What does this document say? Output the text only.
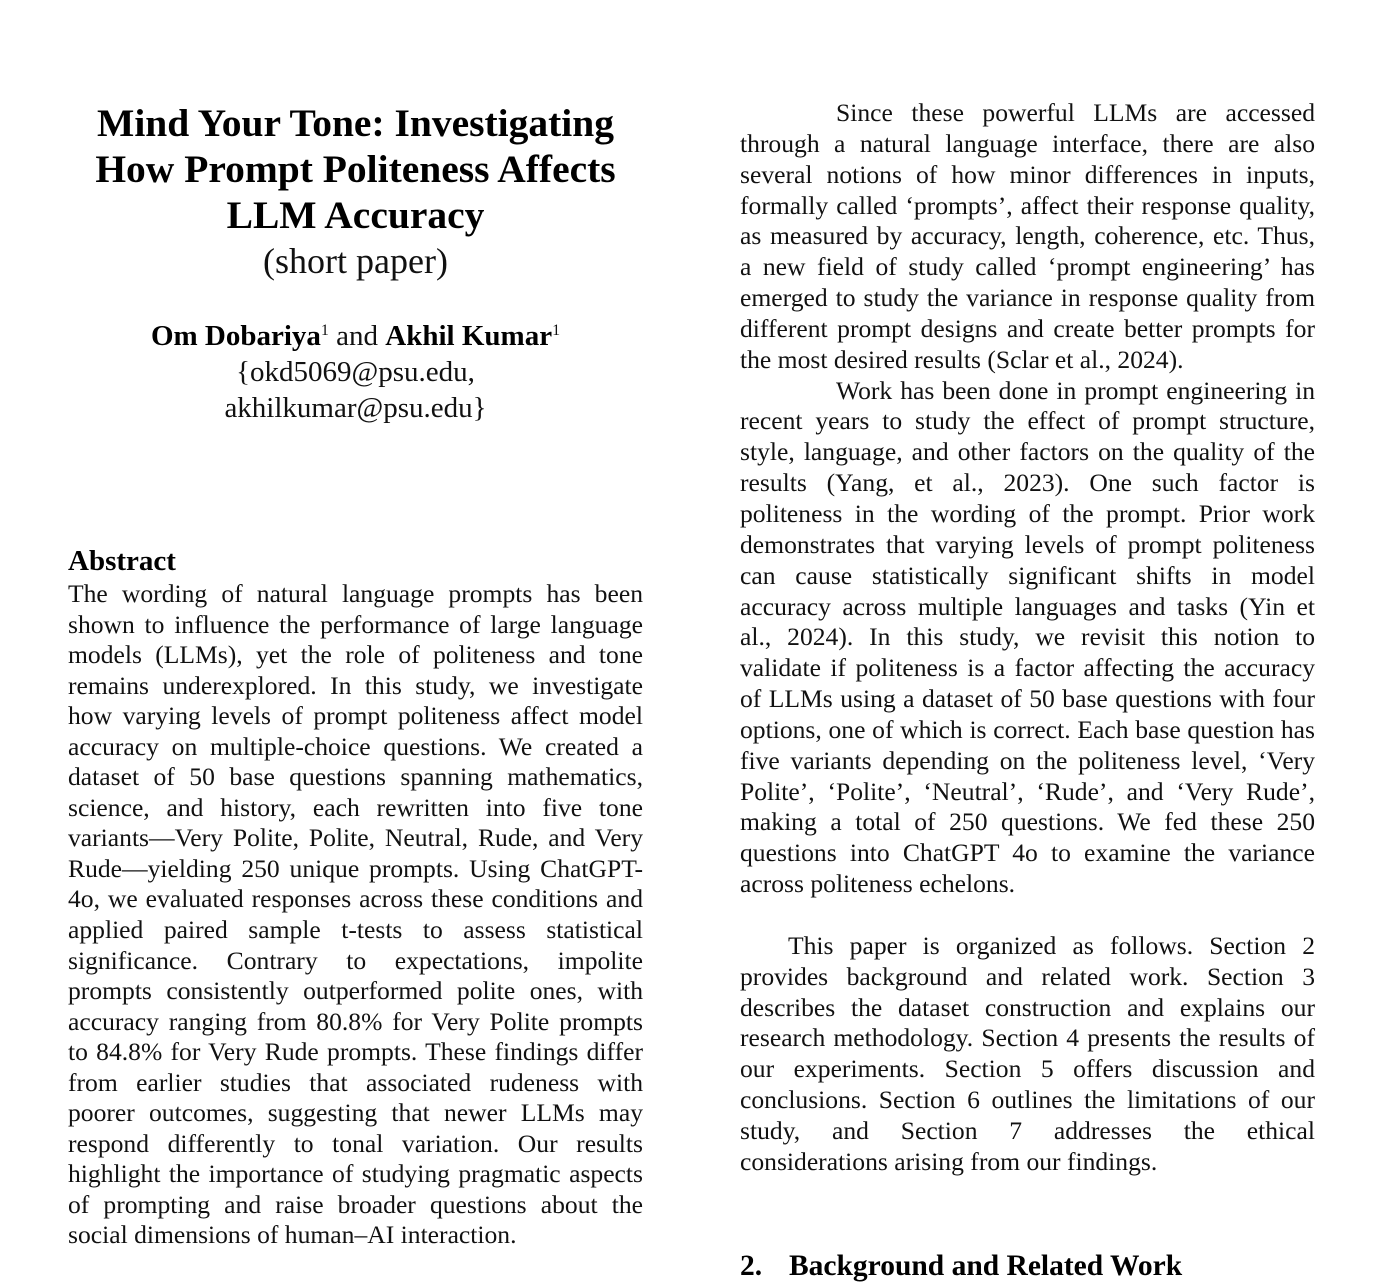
Mind Your Tone: Investigating

How Prompt Politeness Affects

LLM Accuracy

(short paper)

Om Dobariya$^1$ and Akhil Kumar$^1$
{okd5069@psu.edu,
akhilkumar@psu.edu}
Abstract

The wording of natural language prompts has been shown to influence the performance of large language models (LLMs), yet the role of politeness and tone remains underexplored. In this study, we investigate how varying levels of prompt politeness affect model accuracy on multiple-choice questions. We created a dataset of 50 base questions spanning mathematics, science, and history, each rewritten into five tone variants—Very Polite, Polite, Neutral, Rude, and Very Rude—yielding 250 unique prompts. Using ChatGPT-4o, we evaluated responses across these conditions and applied paired sample t-tests to assess statistical significance. Contrary to expectations, impolite prompts consistently outperformed polite ones, with accuracy ranging from 80.8% for Very Polite prompts to 84.8% for Very Rude prompts. These findings differ from earlier studies that associated rudeness with poorer outcomes, suggesting that newer LLMs may respond differently to tonal variation. Our results highlight the importance of studying pragmatic aspects of prompting and raise broader questions about the social dimensions of human–AI interaction.

Since these powerful LLMs are accessed through a natural language interface, there are also several notions of how minor differences in inputs, formally called ‘prompts’, affect their response quality, as measured by accuracy, length, coherence, etc. Thus, a new field of study called ‘prompt engineering’ has emerged to study the variance in response quality from different prompt designs and create better prompts for the most desired results (Sclar et al., 2024).

Work has been done in prompt engineering in recent years to study the effect of prompt structure, style, language, and other factors on the quality of the results (Yang, et al., 2023). One such factor is politeness in the wording of the prompt. Prior work demonstrates that varying levels of prompt politeness can cause statistically significant shifts in model accuracy across multiple languages and tasks (Yin et al., 2024). In this study, we revisit this notion to validate if politeness is a factor affecting the accuracy of LLMs using a dataset of 50 base questions with four options, one of which is correct. Each base question has five variants depending on the politeness level, ‘Very Polite’, ‘Polite’, ‘Neutral’, ‘Rude’, and ‘Very Rude’, making a total of 250 questions. We fed these 250 questions into ChatGPT 4o to examine the variance across politeness echelons.

This paper is organized as follows. Section 2 provides background and related work. Section 3 describes the dataset construction and explains our research methodology. Section 4 presents the results of our experiments. Section 5 offers discussion and conclusions. Section 6 outlines the limitations of our study, and Section 7 addresses the ethical considerations arising from our findings.

2. Background and Related Work
